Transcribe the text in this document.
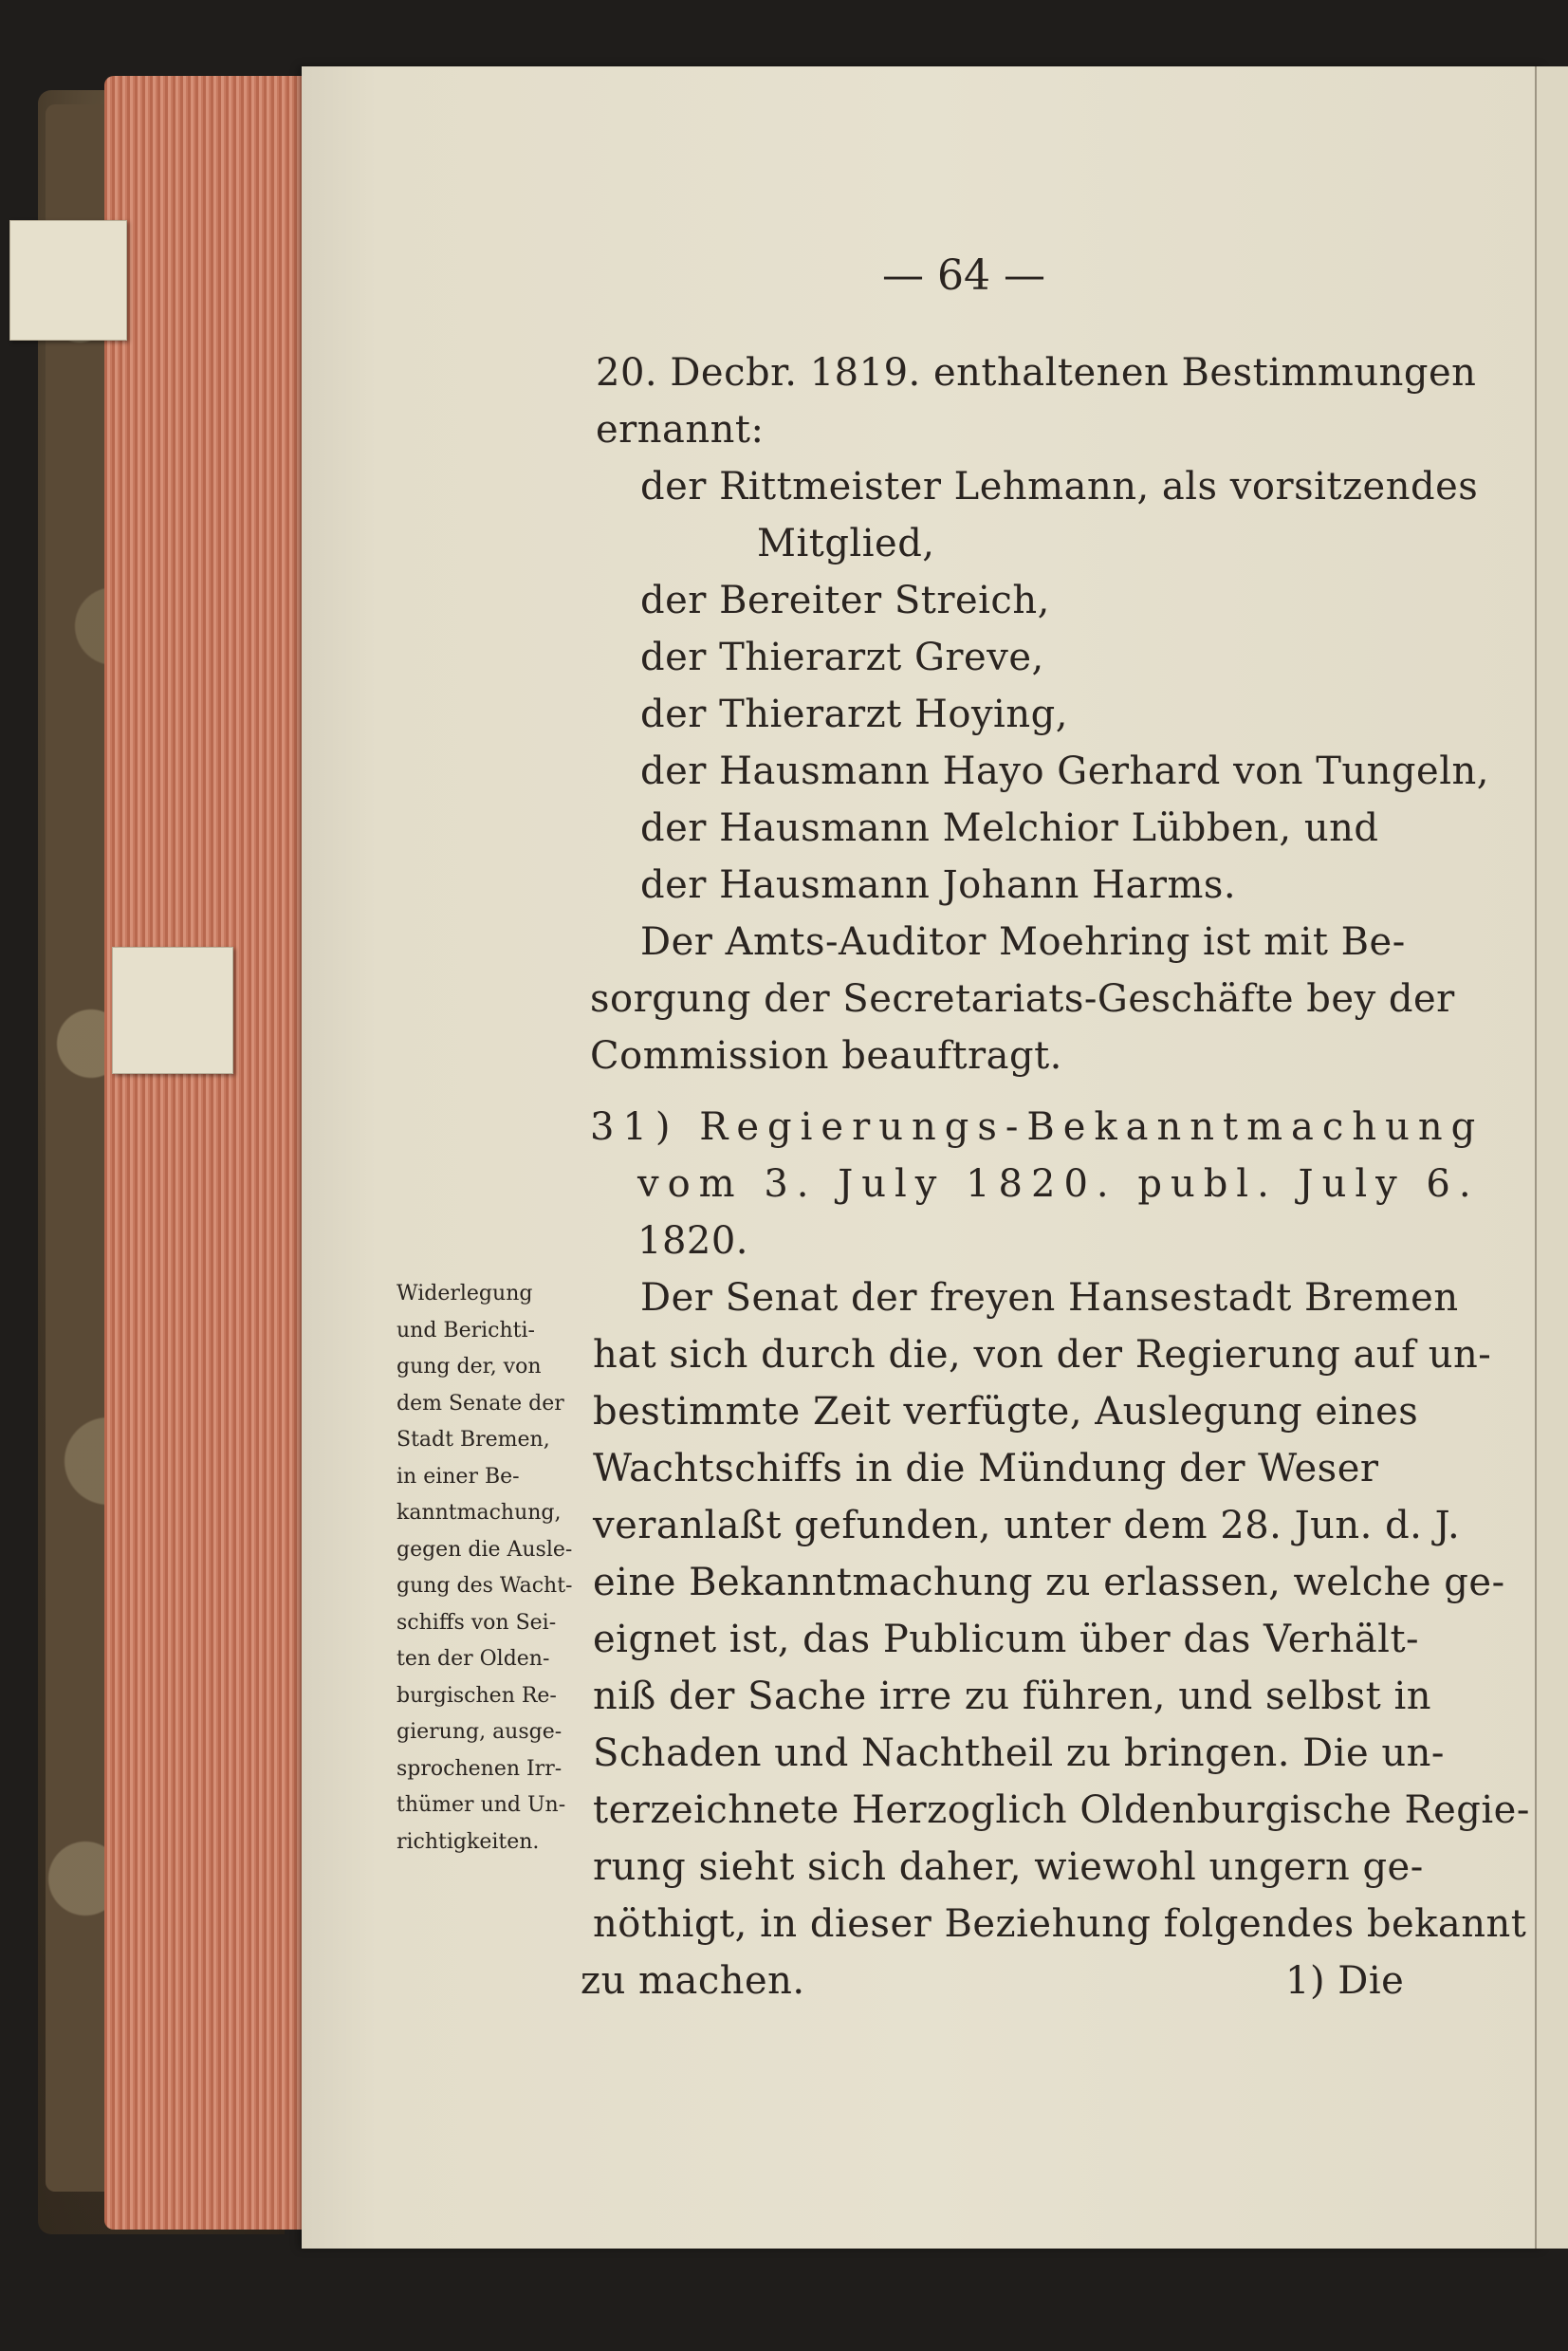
— 64 —
20. Decbr. 1819. enthaltenen Bestimmungen
ernannt:
der Rittmeister Lehmann, als vorsitzendes
Mitglied,
der Bereiter Streich,
der Thierarzt Greve,
der Thierarzt Hoying,
der Hausmann Hayo Gerhard von Tungeln,
der Hausmann Melchior Lübben, und
der Hausmann Johann Harms.
Der Amts-Auditor Moehring ist mit Be-
sorgung der Secretariats-Geschäfte bey der
Commission beauftragt.
31) Regierungs-Bekanntmachung
vom 3. July 1820. publ. July 6.
1820.
Der Senat der freyen Hansestadt Bremen
hat sich durch die, von der Regierung auf un-
bestimmte Zeit verfügte, Auslegung eines
Wachtschiffs in die Mündung der Weser
veranlaßt gefunden, unter dem 28. Jun. d. J.
eine Bekanntmachung zu erlassen, welche ge-
eignet ist, das Publicum über das Verhält-
niß der Sache irre zu führen, und selbst in
Schaden und Nachtheil zu bringen. Die un-
terzeichnete Herzoglich Oldenburgische Regie-
rung sieht sich daher, wiewohl ungern ge-
nöthigt, in dieser Beziehung folgendes bekannt
zu machen.	1) Die
Widerlegung
und Berichti-
gung der, von
dem Senate der
Stadt Bremen,
in einer Be-
kanntmachung,
gegen die Ausle-
gung des Wacht-
schiffs von Sei-
ten der Olden-
burgischen Re-
gierung, ausge-
sprochenen Irr-
thümer und Un-
richtigkeiten.
